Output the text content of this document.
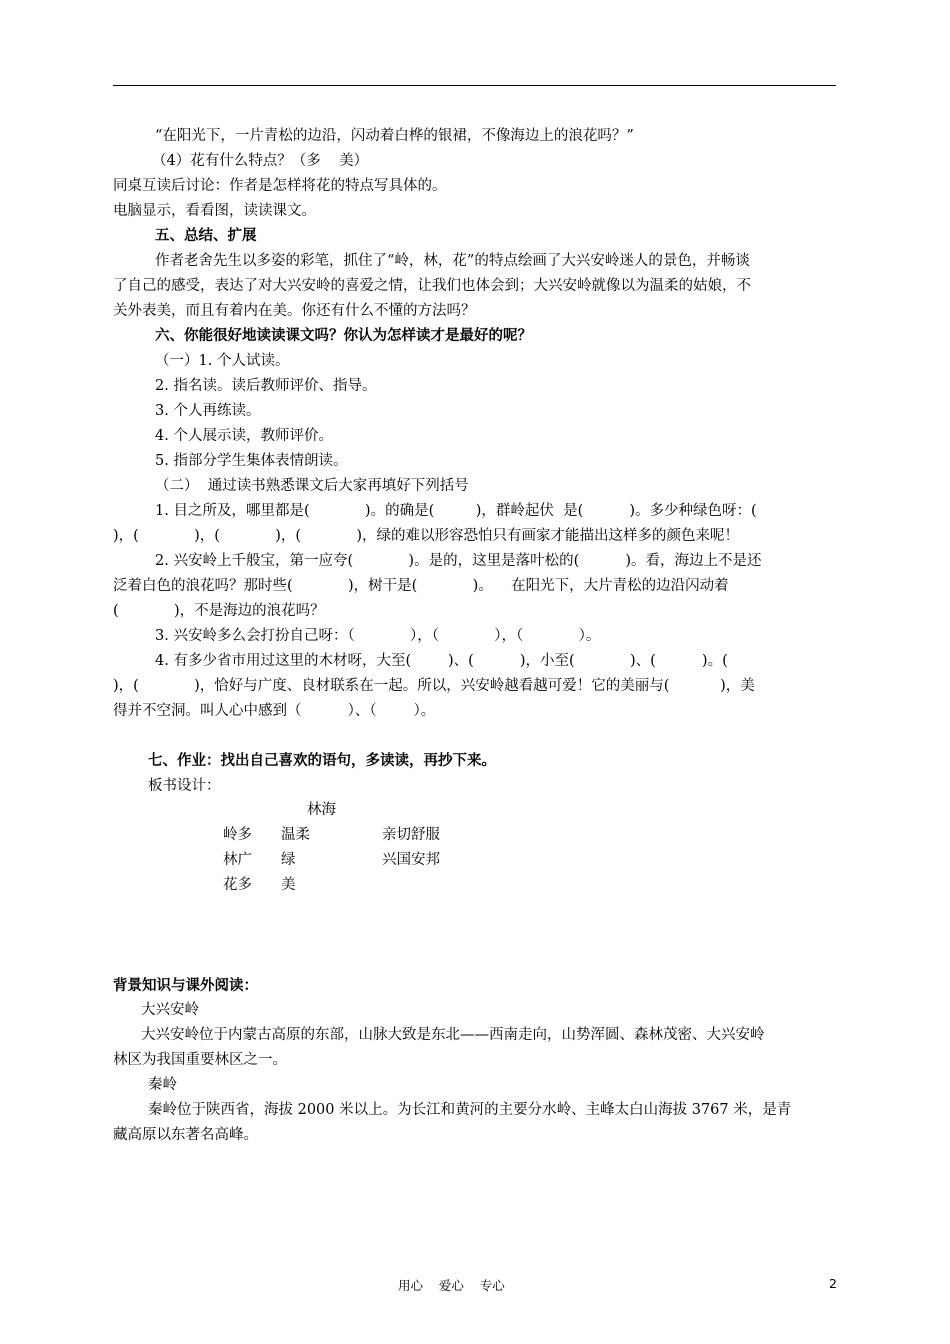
“在阳光下，一片青松的边沿，闪动着白桦的银裙，不像海边上的浪花吗？”
（4）花有什么特点？（多    美）
同桌互读后讨论：作者是怎样将花的特点写具体的。
电脑显示，看看图，读读课文。
五、总结、扩展
作者老舍先生以多姿的彩笔，抓住了“岭，林，花”的特点绘画了大兴安岭迷人的景色，并畅谈
了自己的感受，表达了对大兴安岭的喜爱之情，让我们也体会到；大兴安岭就像以为温柔的姑娘，不
关外表美，而且有着内在美。你还有什么不懂的方法吗？
六、你能很好地读读课文吗？你认为怎样读才是最好的呢？
（一）1. 个人试读。
2. 指名读。读后教师评价、指导。
3. 个人再练读。
4. 个人展示读，教师评价。
5. 指部分学生集体表情朗读。
（二）  通过读书熟悉课文后大家再填好下列括号
1. 目之所及，哪里都是(            )。的确是(         )，群岭起伏  是(          )。多少种绿色呀：(
)，(            )，(            )，(            )，绿的难以形容恐怕只有画家才能描出这样多的颜色来呢！
2. 兴安岭上千般宝，第一应夸(            )。是的，这里是落叶松的(          )。看，海边上不是还
泛着白色的浪花吗？那时些(            )，树干是(            )。    在阳光下，大片青松的边沿闪动着
(            )，不是海边的浪花吗？
3. 兴安岭多么会打扮自己呀：（            ），（            ），（            ）。
4. 有多少省市用过这里的木材呀，大至(        )、(          )，小至(            )、(          )。(
)，(            )，恰好与广度、良材联系在一起。所以，兴安岭越看越可爱！它的美丽与(           )，美
得并不空洞。叫人心中感到（          ）、（        ）。
七、作业：找出自己喜欢的语句，多读读，再抄下来。
板书设计：
林海
岭多 温柔	亲切舒服
林广 绿	兴国安邦
花多 美
背景知识与课外阅读：
大兴安岭
大兴安岭位于内蒙古高原的东部，山脉大致是东北——西南走向，山势浑圆、森林茂密、大兴安岭
林区为我国重要林区之一。
秦岭
秦岭位于陕西省，海拔 2000 米以上。为长江和黄河的主要分水岭、主峰太白山海拔 3767 米，是青
藏高原以东著名高峰。
用心    爱心    专心	2
